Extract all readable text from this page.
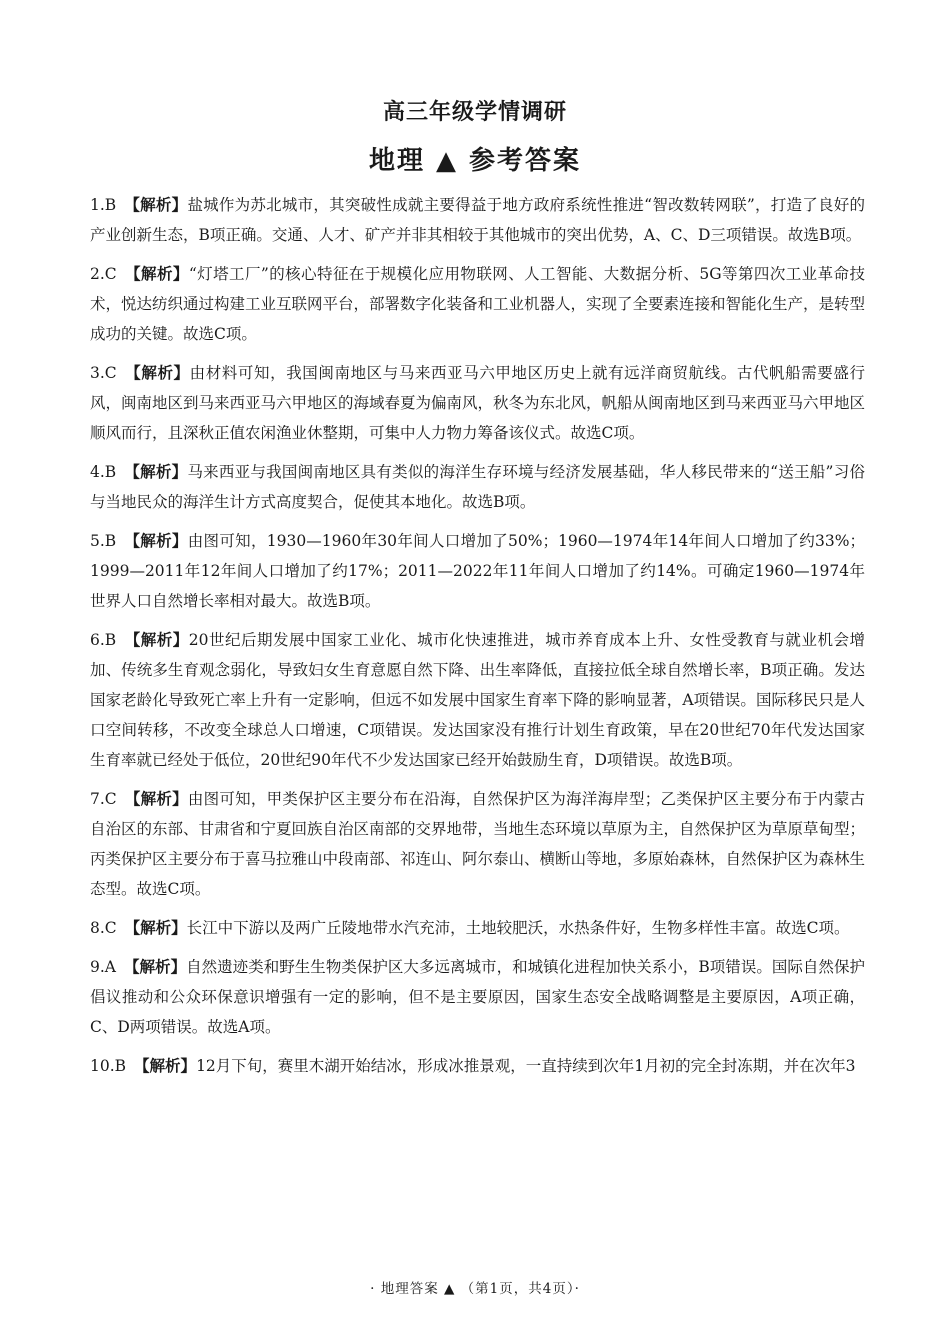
高三年级学情调研
地理 ▲ 参考答案

1.B 【解析】盐城作为苏北城市，其突破性成就主要得益于地方政府系统性推进“智改数转网联”，打造了良好的产业创新生态，B项正确。交通、人才、矿产并非其相较于其他城市的突出优势，A、C、D三项错误。故选B项。

2.C 【解析】“灯塔工厂”的核心特征在于规模化应用物联网、人工智能、大数据分析、5G等第四次工业革命技术，悦达纺织通过构建工业互联网平台，部署数字化装备和工业机器人，实现了全要素连接和智能化生产，是转型成功的关键。故选C项。

3.C 【解析】由材料可知，我国闽南地区与马来西亚马六甲地区历史上就有远洋商贸航线。古代帆船需要盛行风，闽南地区到马来西亚马六甲地区的海域春夏为偏南风，秋冬为东北风，帆船从闽南地区到马来西亚马六甲地区顺风而行，且深秋正值农闲渔业休整期，可集中人力物力筹备该仪式。故选C项。

4.B 【解析】马来西亚与我国闽南地区具有类似的海洋生存环境与经济发展基础，华人移民带来的“送王船”习俗与当地民众的海洋生计方式高度契合，促使其本地化。故选B项。

5.B 【解析】由图可知，1930—1960年30年间人口增加了50%；1960—1974年14年间人口增加了约33%；1999—2011年12年间人口增加了约17%；2011—2022年11年间人口增加了约14%。可确定1960—1974年世界人口自然增长率相对最大。故选B项。

6.B 【解析】20世纪后期发展中国家工业化、城市化快速推进，城市养育成本上升、女性受教育与就业机会增加、传统多生育观念弱化，导致妇女生育意愿自然下降、出生率降低，直接拉低全球自然增长率，B项正确。发达国家老龄化导致死亡率上升有一定影响，但远不如发展中国家生育率下降的影响显著，A项错误。国际移民只是人口空间转移，不改变全球总人口增速，C项错误。发达国家没有推行计划生育政策，早在20世纪70年代发达国家生育率就已经处于低位，20世纪90年代不少发达国家已经开始鼓励生育，D项错误。故选B项。

7.C 【解析】由图可知，甲类保护区主要分布在沿海，自然保护区为海洋海岸型；乙类保护区主要分布于内蒙古自治区的东部、甘肃省和宁夏回族自治区南部的交界地带，当地生态环境以草原为主，自然保护区为草原草甸型；丙类保护区主要分布于喜马拉雅山中段南部、祁连山、阿尔泰山、横断山等地，多原始森林，自然保护区为森林生态型。故选C项。

8.C 【解析】长江中下游以及两广丘陵地带水汽充沛，土地较肥沃，水热条件好，生物多样性丰富。故选C项。

9.A 【解析】自然遗迹类和野生生物类保护区大多远离城市，和城镇化进程加快关系小，B项错误。国际自然保护倡议推动和公众环保意识增强有一定的影响，但不是主要原因，国家生态安全战略调整是主要原因，A项正确，C、D两项错误。故选A项。

10.B 【解析】12月下旬，赛里木湖开始结冰，形成冰推景观，一直持续到次年1月初的完全封冻期，并在次年3

· 地理答案 ▲ （第1页，共4页）·
